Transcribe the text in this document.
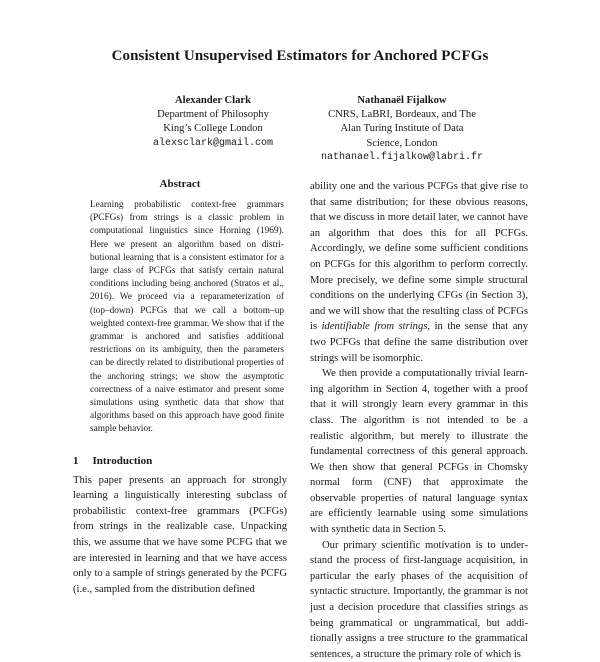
Consistent Unsupervised Estimators for Anchored PCFGs
Alexander Clark
Department of Philosophy
King’s College London
alexsclark@gmail.com
Nathanaël Fijalkow
CNRS, LaBRI, Bordeaux, and The
Alan Turing Institute of Data
Science, London
nathanael.fijalkow@labri.fr
Abstract

Learning probabilistic context-free grammars (PCFGs) from strings is a classic problem in computational linguistics since Horning (1969). Here we present an algorithm based on distributional learning that is a consistent estimator for a large class of PCFGs that satisfy certain natural conditions including being anchored (Stratos et al., 2016). We proceed via a reparameterization of (top–down) PCFGs that we call a bottom–up weighted context-free grammar. We show that if the grammar is anchored and satisfies additional restrictions on its ambiguity, then the parameters can be directly related to distributional properties of the anchoring strings; we show the asymptotic correctness of a naive estimator and present some simulations using synthetic data that show that algorithms based on this approach have good finite sample behavior.

1 Introduction

This paper presents an approach for strongly learning a linguistically interesting subclass of probabilistic context-free grammars (PCFGs) from strings in the realizable case. Unpacking this, we assume that we have some PCFG that we are interested in learning and that we have access only to a sample of strings generated by the PCFG (i.e., sampled from the distribution defined

ability one and the various PCFGs that give rise to that same distribution; for these obvious reasons, that we discuss in more detail later, we cannot have an algorithm that does this for all PCFGs. Accordingly, we define some sufficient conditions on PCFGs for this algorithm to perform correctly. More precisely, we define some simple structural conditions on the underlying CFGs (in Section 3), and we will show that the resulting class of PCFGs is identifiable from strings, in the sense that any two PCFGs that define the same distribution over strings will be isomorphic.

We then provide a computationally trivial learning algorithm in Section 4, together with a proof that it will strongly learn every grammar in this class. The algorithm is not intended to be a realistic algorithm, but merely to illustrate the fundamental correctness of this general approach. We then show that general PCFGs in Chomsky normal form (CNF) that approximate the observable properties of natural language syntax are efficiently learnable using some simulations with synthetic data in Section 5.

Our primary scientific motivation is to understand the process of first-language acquisition, in particular the early phases of the acquisition of syntactic structure. Importantly, the grammar is not just a decision procedure that classifies strings as being grammatical or ungrammatical, but additionally assigns a tree structure to the grammatical sentences, a structure the primary role of which is
